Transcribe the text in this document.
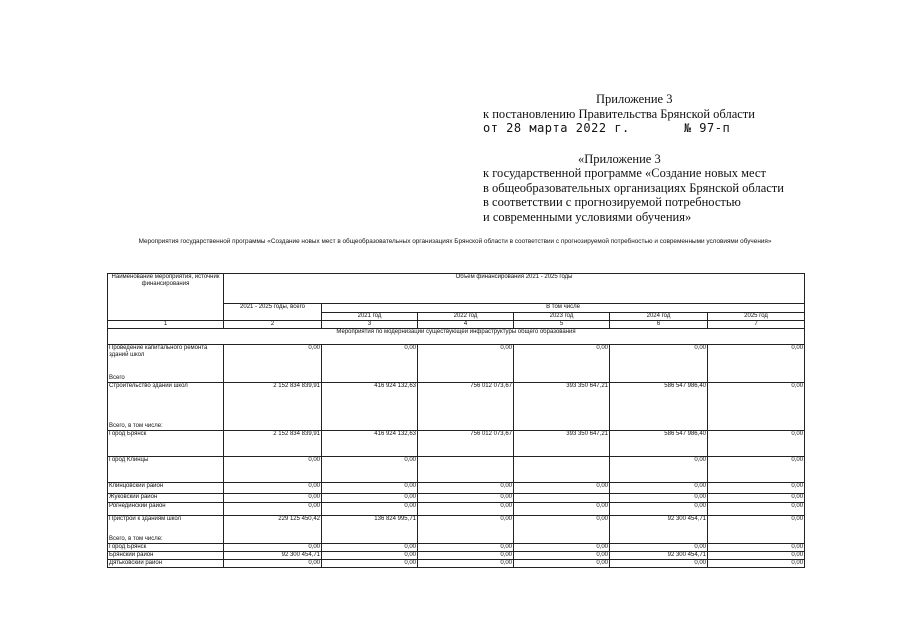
Приложение 3
к постановлению Правительства Брянской области
от 28 марта 2022 г.       № 97-п
«Приложение 3
к государственной программе «Создание новых мест
в общеобразовательных организациях Брянской области
в соответствии с прогнозируемой потребностью
и современными условиями обучения»
Мероприятия государственной программы «Создание новых мест в общеобразовательных организациях Брянской области в соответствии с прогнозируемой потребностью и современными условиями обучения»
Наименование мероприятия, источник финансирования	Объем финансирования 2021 - 2025 годы					
	2021 - 2025 годы, всего	В том числе				
		2021 год	2022 год	2023 год	2024 год	2025 год
1	2	3	4	5	6	7
Мероприятия по модернизации существующей инфраструктуры общего образования						

Проведение капитального ремонта зданий школ
Всего	0,00	0,00	0,00	0,00	0,00	0,00

Строительство зданий школ
Всего, в том числе:	2 152 834 839,91	416 924 132,63	756 012 073,67	393 350 647,21	586 547 986,40	0,00

Город Брянск	2 152 834 839,91	416 924 132,63	756 012 073,67	393 350 647,21	586 547 986,40	0,00

Город Клинцы	0,00	0,00			0,00	0,00

Клинцовский район	0,00	0,00	0,00	0,00	0,00	0,00

Жуковский район	0,00	0,00	0,00		0,00	0,00

Рогнединский район	0,00	0,00	0,00	0,00	0,00	0,00

Пристрои к зданиям школ
Всего, в том числе:	229 125 450,42	136 824 995,71	0,00	0,00	92 300 454,71	0,00

Город Брянск	0,00	0,00	0,00	0,00	0,00	0,00

Брянский район	92 300 454,71	0,00	0,00	0,00	92 300 454,71	0,00

Дятьковский район	0,00	0,00	0,00	0,00	0,00	0,00
